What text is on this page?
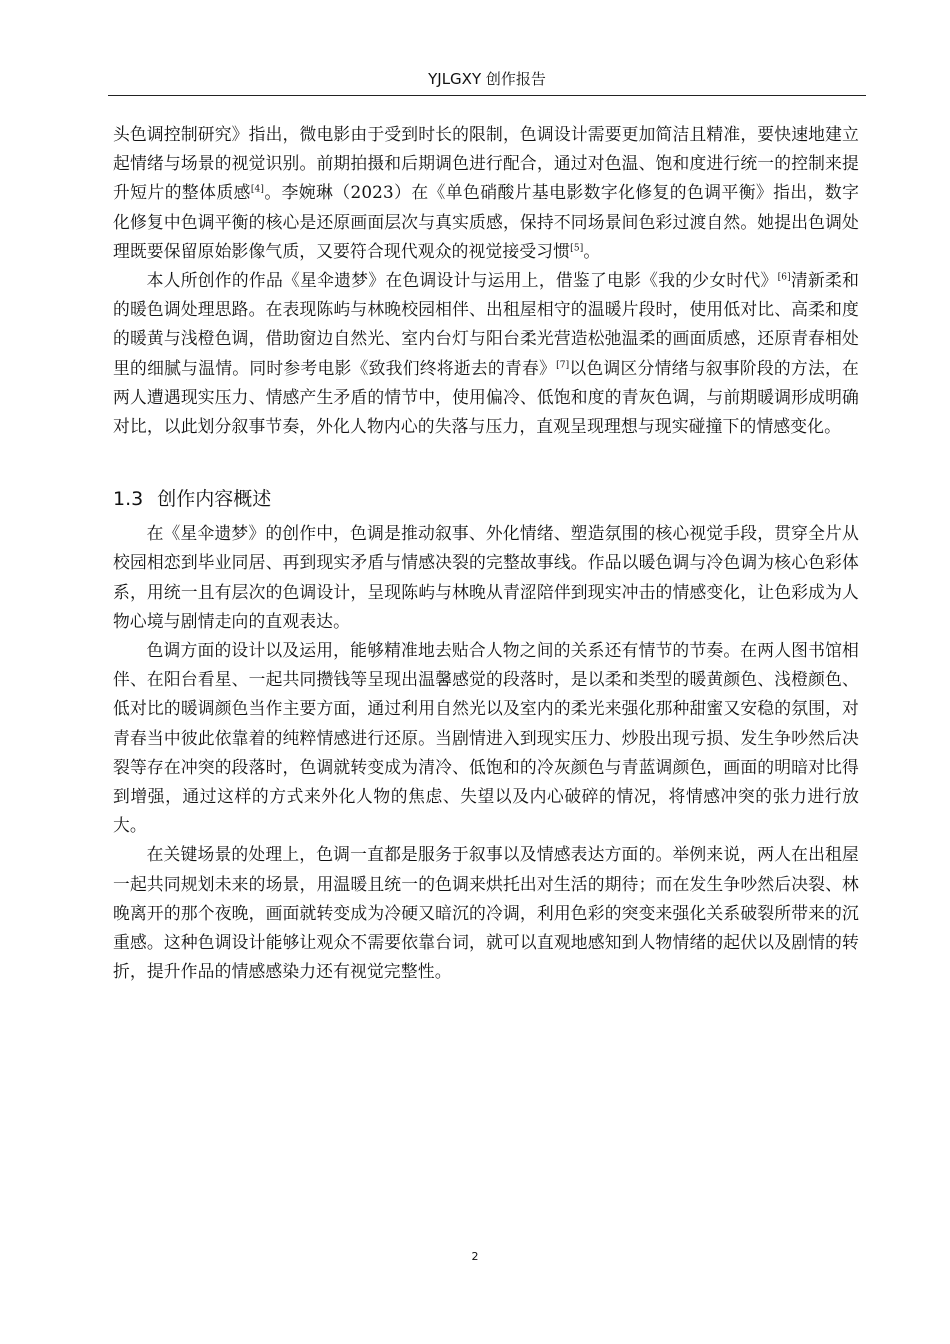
YJLGXY 创作报告

头色调控制研究》指出，微电影由于受到时长的限制，色调设计需要更加简洁且精准，要快速地建立起情绪与场景的视觉识别。前期拍摄和后期调色进行配合，通过对色温、饱和度进行统一的控制来提升短片的整体质感[4]。李婉琳（2023）在《单色硝酸片基电影数字化修复的色调平衡》指出，数字化修复中色调平衡的核心是还原画面层次与真实质感，保持不同场景间色彩过渡自然。她提出色调处理既要保留原始影像气质，又要符合现代观众的视觉接受习惯[5]。

本人所创作的作品《星伞遗梦》在色调设计与运用上，借鉴了电影《我的少女时代》[6]清新柔和的暖色调处理思路。在表现陈屿与林晚校园相伴、出租屋相守的温暖片段时，使用低对比、高柔和度的暖黄与浅橙色调，借助窗边自然光、室内台灯与阳台柔光营造松弛温柔的画面质感，还原青春相处里的细腻与温情。同时参考电影《致我们终将逝去的青春》[7]以色调区分情绪与叙事阶段的方法，在两人遭遇现实压力、情感产生矛盾的情节中，使用偏冷、低饱和度的青灰色调，与前期暖调形成明确对比，以此划分叙事节奏，外化人物内心的失落与压力，直观呈现理想与现实碰撞下的情感变化。

1.3 创作内容概述

在《星伞遗梦》的创作中，色调是推动叙事、外化情绪、塑造氛围的核心视觉手段，贯穿全片从校园相恋到毕业同居、再到现实矛盾与情感决裂的完整故事线。作品以暖色调与冷色调为核心色彩体系，用统一且有层次的色调设计，呈现陈屿与林晚从青涩陪伴到现实冲击的情感变化，让色彩成为人物心境与剧情走向的直观表达。

色调方面的设计以及运用，能够精准地去贴合人物之间的关系还有情节的节奏。在两人图书馆相伴、在阳台看星、一起共同攒钱等呈现出温馨感觉的段落时，是以柔和类型的暖黄颜色、浅橙颜色、低对比的暖调颜色当作主要方面，通过利用自然光以及室内的柔光来强化那种甜蜜又安稳的氛围，对青春当中彼此依靠着的纯粹情感进行还原。当剧情进入到现实压力、炒股出现亏损、发生争吵然后决裂等存在冲突的段落时，色调就转变成为清冷、低饱和的冷灰颜色与青蓝调颜色，画面的明暗对比得到增强，通过这样的方式来外化人物的焦虑、失望以及内心破碎的情况，将情感冲突的张力进行放大。

在关键场景的处理上，色调一直都是服务于叙事以及情感表达方面的。举例来说，两人在出租屋一起共同规划未来的场景，用温暖且统一的色调来烘托出对生活的期待；而在发生争吵然后决裂、林晚离开的那个夜晚，画面就转变成为冷硬又暗沉的冷调，利用色彩的突变来强化关系破裂所带来的沉重感。这种色调设计能够让观众不需要依靠台词，就可以直观地感知到人物情绪的起伏以及剧情的转折，提升作品的情感感染力还有视觉完整性。

2
